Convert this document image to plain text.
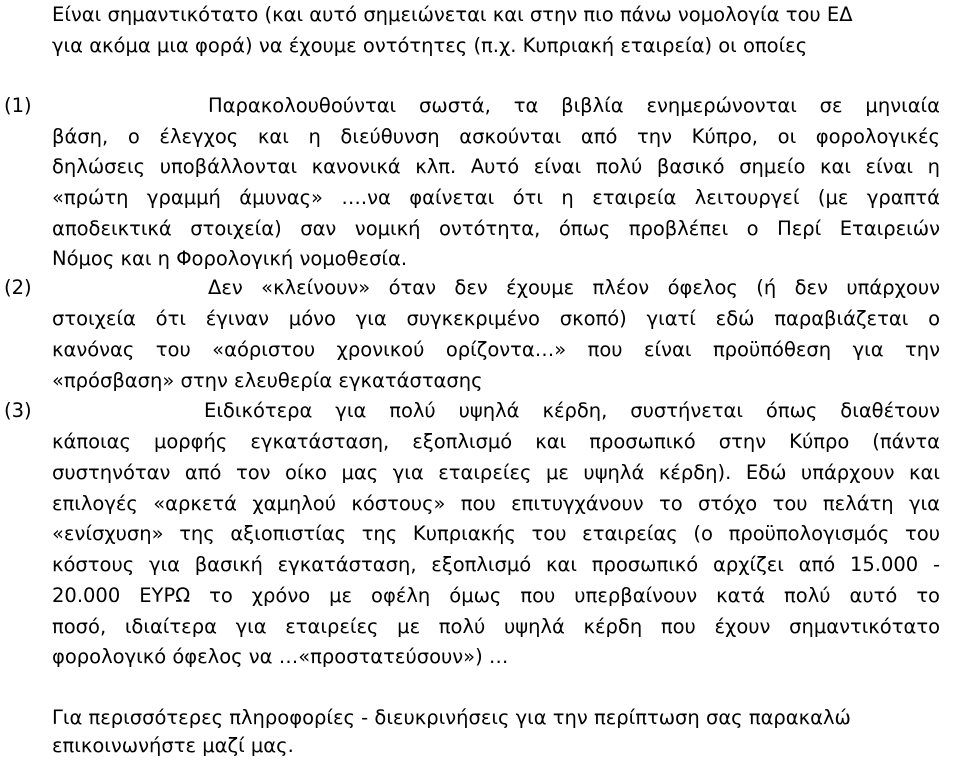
Είναι σημαντικότατο (και αυτό σημειώνεται και στην πιο πάνω νομολογία του ΕΔ
για ακόμα μια φορά) να έχουμε οντότητες (π.χ. Κυπριακή εταιρεία) οι οποίες
(1)	Παρακολουθούνται σωστά, τα βιβλία ενημερώνονται σε μηνιαία
βάση, ο έλεγχος και η διεύθυνση ασκούνται από την Κύπρο, οι φορολογικές
δηλώσεις υποβάλλονται κανονικά κλπ. Αυτό είναι πολύ βασικό σημείο και είναι η
«πρώτη γραμμή άμυνας» ….να φαίνεται ότι η εταιρεία λειτουργεί (με γραπτά
αποδεικτικά στοιχεία) σαν νομική οντότητα, όπως προβλέπει ο Περί Εταιρειών
Νόμος και η Φορολογική νομοθεσία.
(2)	Δεν «κλείνουν» όταν δεν έχουμε πλέον όφελος (ή δεν υπάρχουν
στοιχεία ότι έγιναν μόνο για συγκεκριμένο σκοπό) γιατί εδώ παραβιάζεται ο
κανόνας του «αόριστου χρονικού ορίζοντα…» που είναι προϋπόθεση για την
«πρόσβαση» στην ελευθερία εγκατάστασης
(3)	Ειδικότερα για πολύ υψηλά κέρδη, συστήνεται όπως διαθέτουν
κάποιας μορφής εγκατάσταση, εξοπλισμό και προσωπικό στην Κύπρο (πάντα
συστηνόταν από τον οίκο μας για εταιρείες με υψηλά κέρδη). Εδώ υπάρχουν και
επιλογές «αρκετά χαμηλού κόστους» που επιτυγχάνουν το στόχο του πελάτη για
«ενίσχυση» της αξιοπιστίας της Κυπριακής του εταιρείας (ο προϋπολογισμός του
κόστους για βασική εγκατάσταση, εξοπλισμό και προσωπικό αρχίζει από 15.000 -
20.000 ΕΥΡΩ το χρόνο με οφέλη όμως που υπερβαίνουν κατά πολύ αυτό το
ποσό, ιδιαίτερα για εταιρείες με πολύ υψηλά κέρδη που έχουν σημαντικότατο
φορολογικό όφελος να …«προστατεύσουν») …
Για περισσότερες πληροφορίες - διευκρινήσεις για την περίπτωση σας παρακαλώ
επικοινωνήστε μαζί μας.
